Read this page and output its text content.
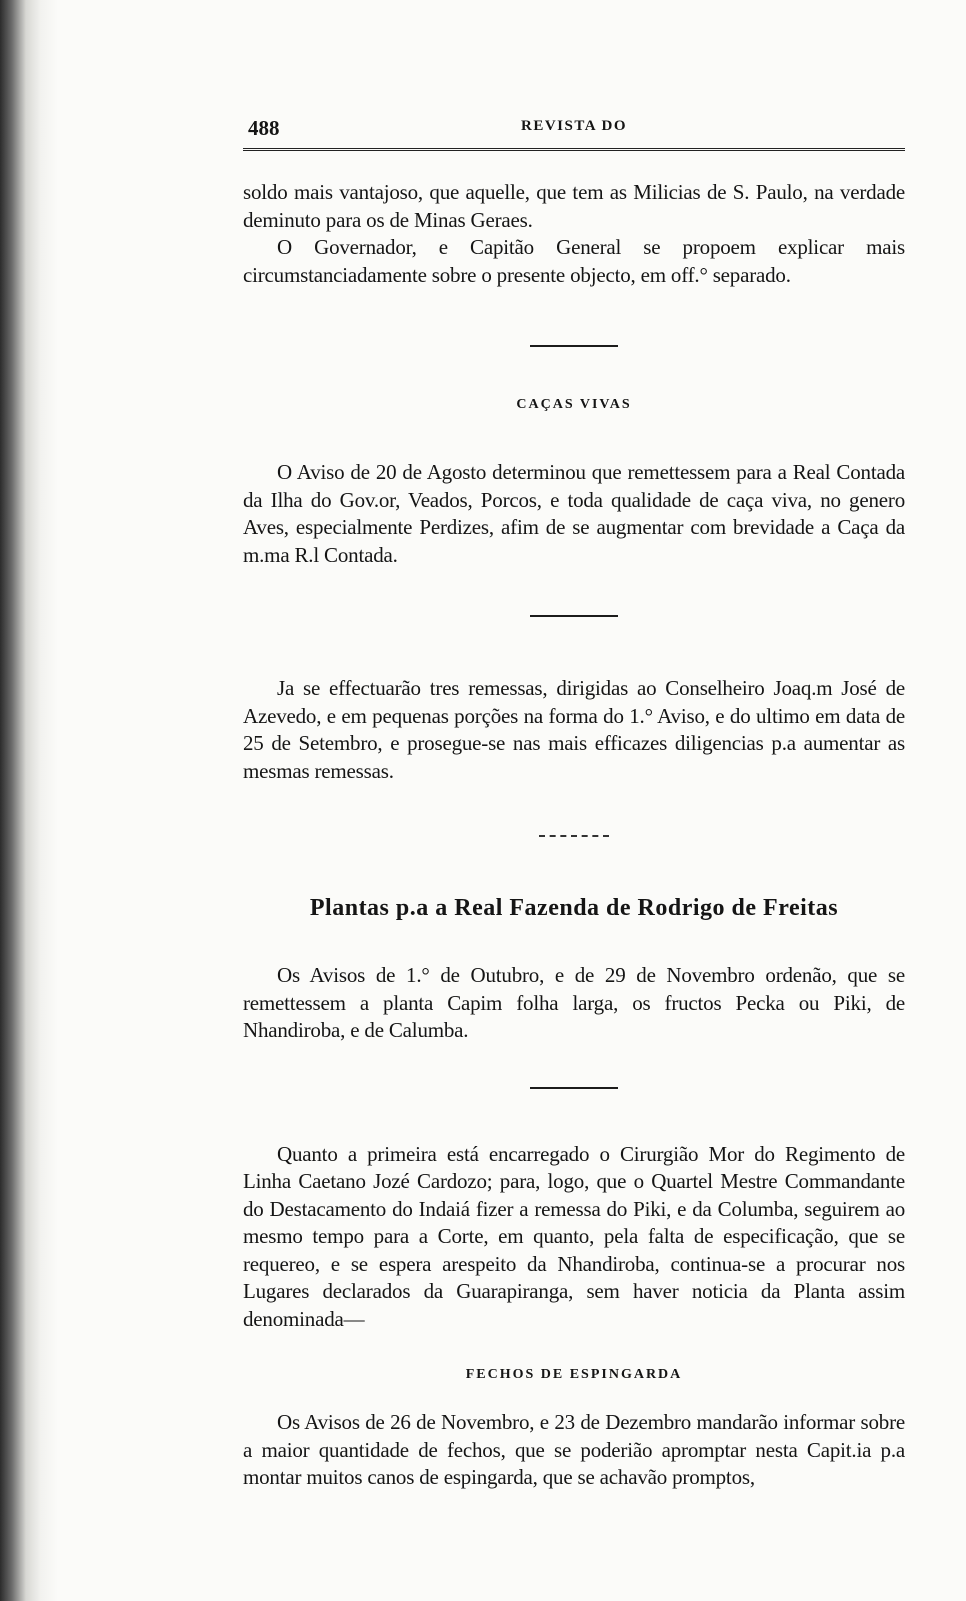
488	REVISTA DO

soldo mais vantajoso, que aquelle, que tem as Milicias de S. Paulo, na verdade deminuto para os de Minas Geraes.

O Governador, e Capitão General se propoem explicar mais circumstanciadamente sobre o presente objecto, em off.° separado.

CAÇAS VIVAS

O Aviso de 20 de Agosto determinou que remettessem para a Real Contada da Ilha do Gov.or, Veados, Porcos, e toda qualidade de caça viva, no genero Aves, especialmente Perdizes, afim de se augmentar com brevidade a Caça da m.ma R.l Contada.

Ja se effectuarão tres remessas, dirigidas ao Conselheiro Joaq.m José de Azevedo, e em pequenas porções na forma do 1.° Aviso, e do ultimo em data de 25 de Setembro, e prosegue-se nas mais efficazes diligencias p.a aumentar as mesmas remessas.

Plantas p.a a Real Fazenda de Rodrigo de Freitas

Os Avisos de 1.° de Outubro, e de 29 de Novembro ordenão, que se remettessem a planta Capim folha larga, os fructos Pecka ou Piki, de Nhandiroba, e de Calumba.

Quanto a primeira está encarregado o Cirurgião Mor do Regimento de Linha Caetano Jozé Cardozo; para, logo, que o Quartel Mestre Commandante do Destacamento do Indaiá fizer a remessa do Piki, e da Columba, seguirem ao mesmo tempo para a Corte, em quanto, pela falta de especificação, que se requereo, e se espera arespeito da Nhandiroba, continua-se a procurar nos Lugares declarados da Guarapiranga, sem haver noticia da Planta assim denominada—

FECHOS DE ESPINGARDA

Os Avisos de 26 de Novembro, e 23 de Dezembro mandarão informar sobre a maior quantidade de fechos, que se poderião apromptar nesta Capit.ia p.a montar muitos canos de espingarda, que se achavão promptos,
